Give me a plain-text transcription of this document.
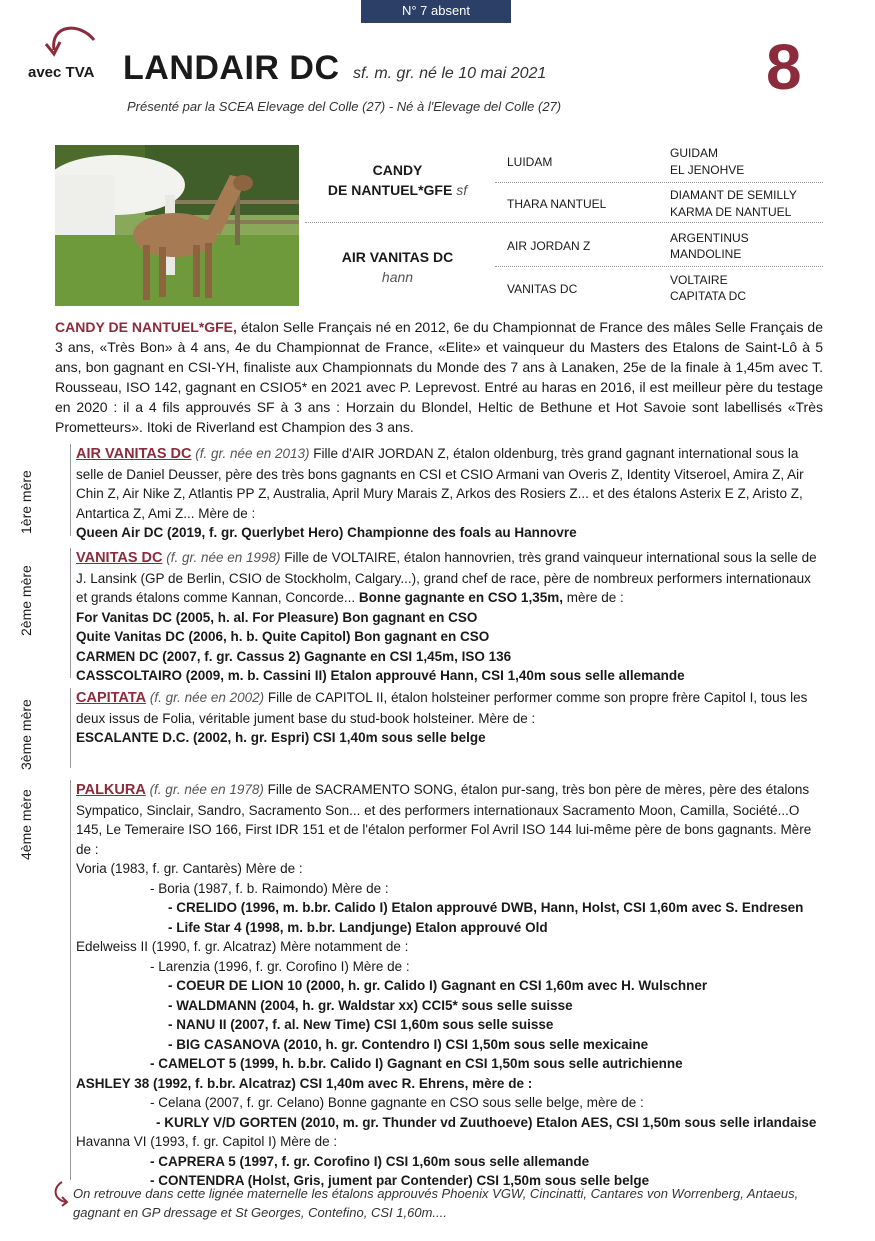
N° 7 absent
avec TVA LANDAIR DC sf. m. gr. né le 10 mai 2021	8
Présenté par la SCEA Elevage del Colle (27) - Né à l'Elevage del Colle (27)
CANDY
DE NANTUEL*GFE sf
AIR VANITAS DC
hann
LUIDAM
THARA NANTUEL
AIR JORDAN Z
VANITAS DC
GUIDAM
EL JENOHVE
DIAMANT DE SEMILLY
KARMA DE NANTUEL
ARGENTINUS
MANDOLINE
VOLTAIRE
CAPITATA DC
CANDY DE NANTUEL*GFE, étalon Selle Français né en 2012, 6e du Championnat de France des mâles Selle Français de 3 ans, «Très Bon» à 4 ans, 4e du Championnat de France, «Elite» et vainqueur du Masters des Etalons de Saint-Lô à 5 ans, bon gagnant en CSI-YH, finaliste aux Championnats du Monde des 7 ans à Lanaken, 25e de la finale à 1,45m avec T. Rousseau, ISO 142, gagnant en CSIO5* en 2021 avec P. Leprevost. Entré au haras en 2016, il est meilleur père du testage en 2020 : il a 4 fils approuvés SF à 3 ans : Horzain du Blondel, Heltic de Bethune et Hot Savoie sont labellisés «Très Prometteurs». Itoki de Riverland est Champion des 3 ans.
1ère mère
AIR VANITAS DC (f. gr. née en 2013) Fille d'AIR JORDAN Z, étalon oldenburg, très grand gagnant international sous la selle de Daniel Deusser, père des très bons gagnants en CSI et CSIO Armani van Overis Z, Identity Vitseroel, Amira Z, Air Chin Z, Air Nike Z, Atlantis PP Z, Australia, April Mury Marais Z, Arkos des Rosiers Z... et des étalons Asterix E Z, Aristo Z, Antartica Z, Ami Z... Mère de :
Queen Air DC (2019, f. gr. Querlybet Hero) Championne des foals au Hannovre
2ème mère
VANITAS DC (f. gr. née en 1998) Fille de VOLTAIRE, étalon hannovrien, très grand vainqueur international sous la selle de J. Lansink (GP de Berlin, CSIO de Stockholm, Calgary...), grand chef de race, père de nombreux performers internationaux et grands étalons comme Kannan, Concorde... Bonne gagnante en CSO 1,35m, mère de :
For Vanitas DC (2005, h. al. For Pleasure) Bon gagnant en CSO
Quite Vanitas DC (2006, h. b. Quite Capitol) Bon gagnant en CSO
CARMEN DC (2007, f. gr. Cassus 2) Gagnante en CSI 1,45m, ISO 136
CASSCOLTAIRO (2009, m. b. Cassini II) Etalon approuvé Hann, CSI 1,40m sous selle allemande
3ème mère
CAPITATA (f. gr. née en 2002) Fille de CAPITOL II, étalon holsteiner performer comme son propre frère Capitol I, tous les deux issus de Folia, véritable jument base du stud-book holsteiner. Mère de :
ESCALANTE D.C. (2002, h. gr. Espri) CSI 1,40m sous selle belge
4ème mère	PALKURA (f. gr. née en 1978) Fille de SACRAMENTO SONG, étalon pur-sang, très bon père de mères, père des étalons Sympatico, Sinclair, Sandro, Sacramento Son... et des performers internationaux Sacramento Moon, Camilla, Société...O 145, Le Temeraire ISO 166, First IDR 151 et de l'étalon performer Fol Avril ISO 144 lui-même père de bons gagnants. Mère de :
Voria (1983, f. gr. Cantarès) Mère de :
- Boria (1987, f. b. Raimondo) Mère de :
- CRELIDO (1996, m. b.br. Calido I) Etalon approuvé DWB, Hann, Holst, CSI 1,60m avec S. Endresen
- Life Star 4 (1998, m. b.br. Landjunge) Etalon approuvé Old
Edelweiss II (1990, f. gr. Alcatraz) Mère notamment de :
- Larenzia (1996, f. gr. Corofino I) Mère de :
- COEUR DE LION 10 (2000, h. gr. Calido I) Gagnant en CSI 1,60m avec H. Wulschner
- WALDMANN (2004, h. gr. Waldstar xx) CCI5* sous selle suisse
- NANU II (2007, f. al. New Time) CSI 1,60m sous selle suisse
- BIG CASANOVA (2010, h. gr. Contendro I) CSI 1,50m sous selle mexicaine
- CAMELOT 5 (1999, h. b.br. Calido I) Gagnant en CSI 1,50m sous selle autrichienne
ASHLEY 38 (1992, f. b.br. Alcatraz) CSI 1,40m avec R. Ehrens, mère de :
- Celana (2007, f. gr. Celano) Bonne gagnante en CSO sous selle belge, mère de :
- KURLY V/D GORTEN (2010, m. gr. Thunder vd Zuuthoeve) Etalon AES, CSI 1,50m sous selle irlandaise
Havanna VI (1993, f. gr. Capitol I) Mère de :
- CAPRERA 5 (1997, f. gr. Corofino I) CSI 1,60m sous selle allemande
- CONTENDRA (Holst, Gris, jument par Contender) CSI 1,50m sous selle belge
On retrouve dans cette lignée maternelle les étalons approuvés Phoenix VGW, Cincinatti, Cantares von Worrenberg, Antaeus, gagnant en GP dressage et St Georges, Contefino, CSI 1,60m....
